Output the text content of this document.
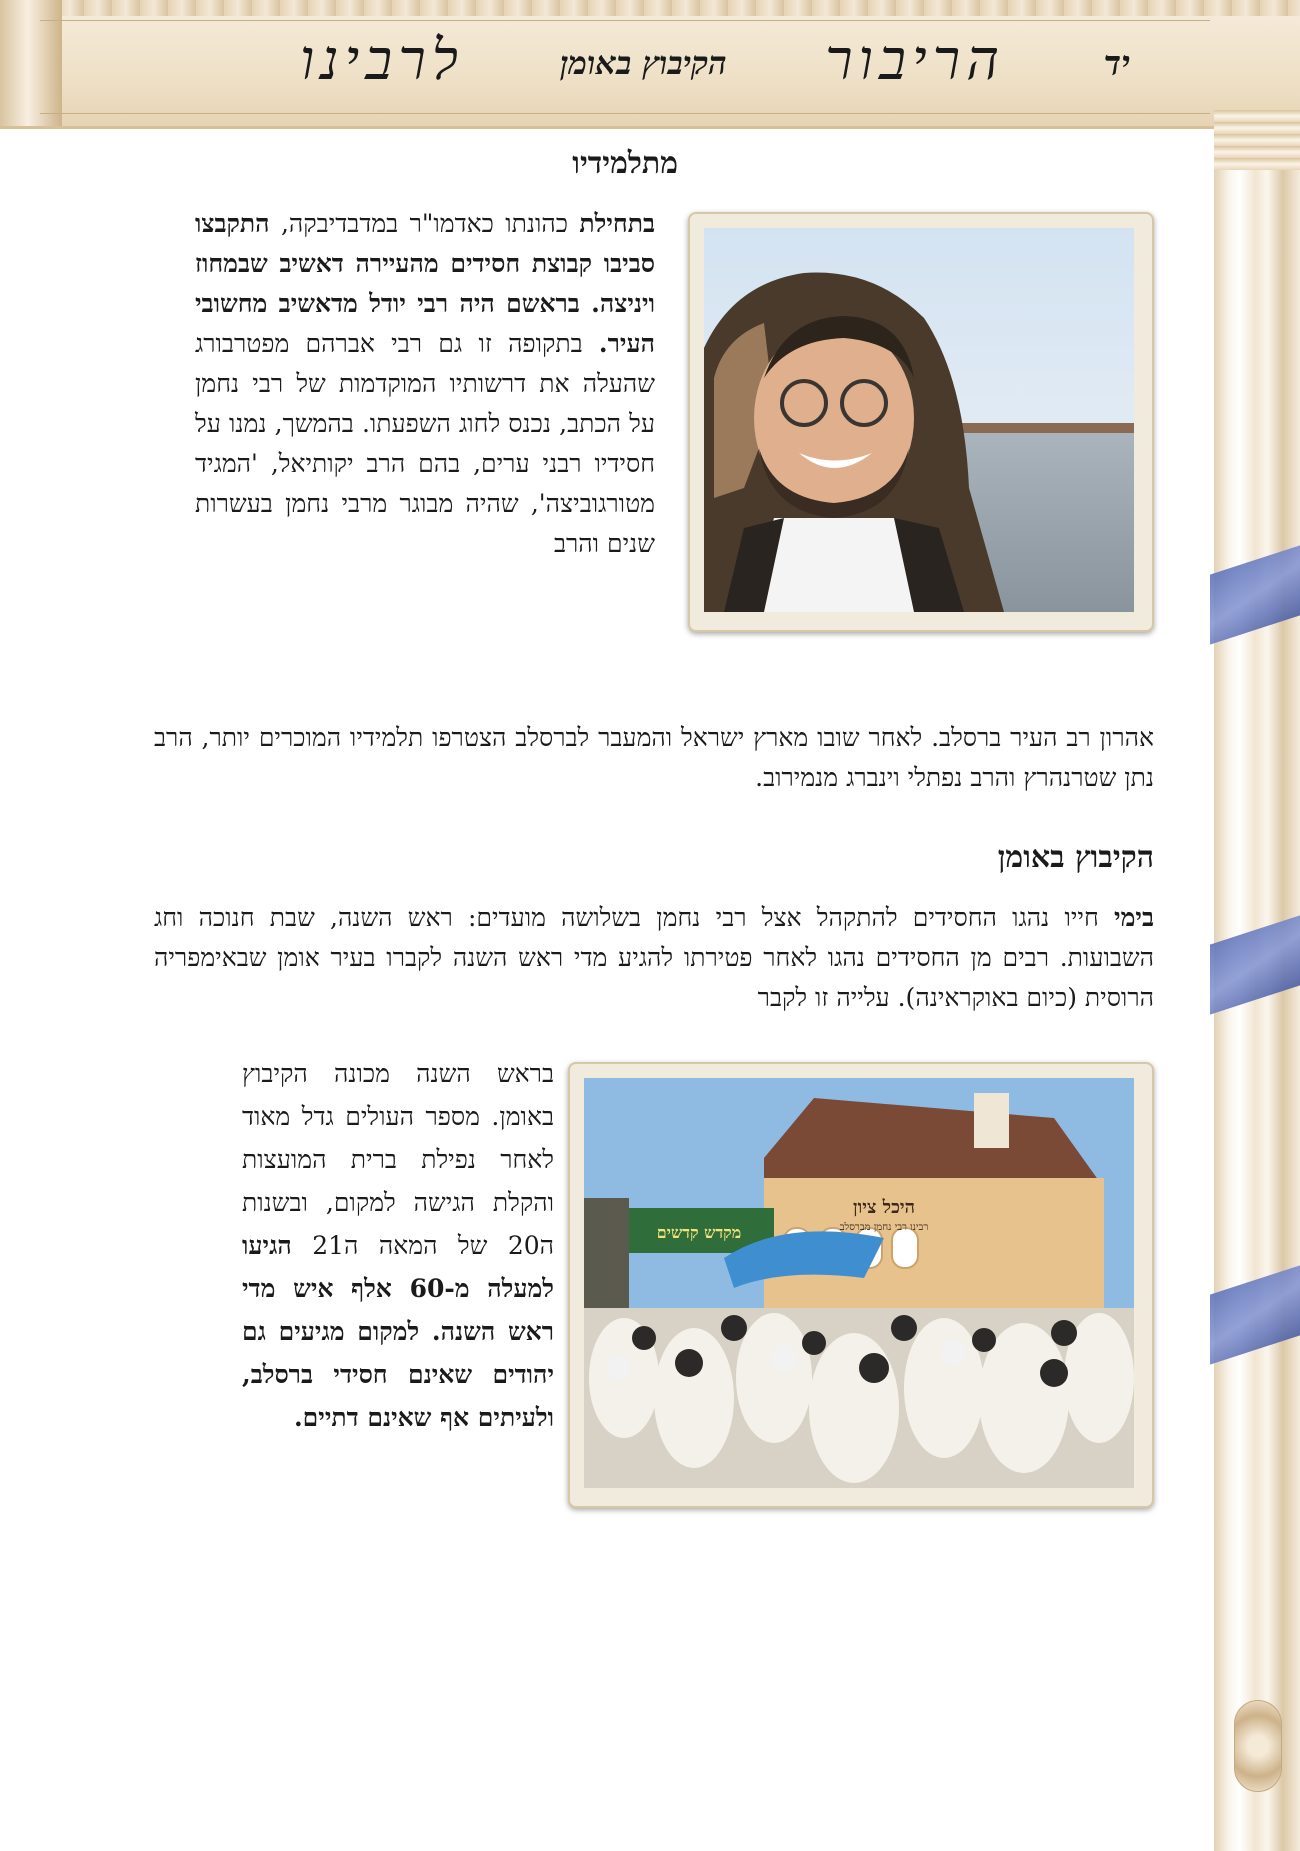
יד
הריבור
הקיבוץ באומן
לרבינו
מתלמידיו
בתחילת כהונתו כאדמו"ר במדבדיבקה, התקבצו סביבו קבוצת חסידים מהעיירה דאשיב שבמחוז ויניצה. בראשם היה רבי יודל מדאשיב מחשובי העיר. בתקופה זו גם רבי אברהם מפטרבורג שהעלה את דרשותיו המוקדמות של רבי נחמן על הכתב, נכנס לחוג השפעתו. בהמשך, נמנו על חסידיו רבני ערים, בהם הרב יקותיאל, 'המגיד מטורגוביצה', שהיה מבוגר מרבי נחמן בעשרות שנים והרב
אהרון רב העיר ברסלב. לאחר שובו מארץ ישראל והמעבר לברסלב הצטרפו תלמידיו המוכרים יותר, הרב נתן שטרנהרץ והרב נפתלי וינברג מנמירוב.
הקיבוץ באומן
בימי חייו נהגו החסידים להתקהל אצל רבי נחמן בשלושה מועדים: ראש השנה, שבת חנוכה וחג השבועות. רבים מן החסידים נהגו לאחר פטירתו להגיע מדי ראש השנה לקברו בעיר אומן שבאימפריה הרוסית (כיום באוקראינה). עלייה זו לקבר
בראש השנה מכונה הקיבוץ באומן. מספר העולים גדל מאוד לאחר נפילת ברית המועצות והקלת הגישה למקום, ובשנות ה20 של המאה ה21 הגיעו למעלה מ-60 אלף איש מדי ראש השנה. למקום מגיעים גם יהודים שאינם חסידי ברסלב, ולעיתים אף שאינם דתיים.
היכל ציון
רבינו רבי נחמן מברסלב
מקדש קדשים
